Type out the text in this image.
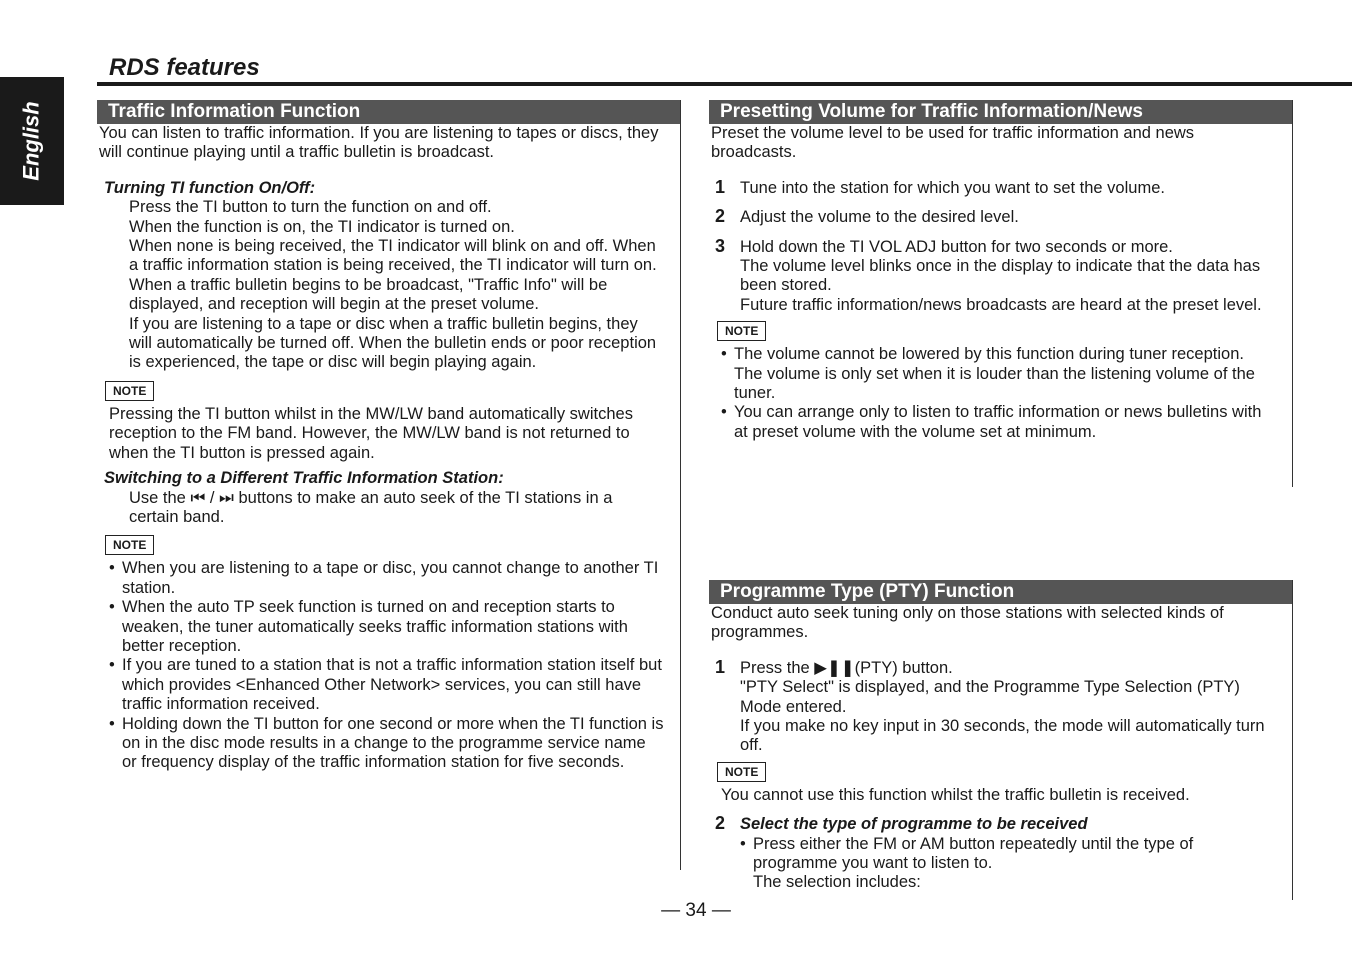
English
RDS features
Traffic Information Function

You can listen to traffic information. If you are listening to tapes or discs, they will continue playing until a traffic bulletin is broadcast.

Turning TI function On/Off:

Press the TI button to turn the function on and off.

When the function is on, the TI indicator is turned on.

When none is being received, the TI indicator will blink on and off. When a traffic information station is being received, the TI indicator will turn on.

When a traffic bulletin begins to be broadcast, "Traffic Info" will be displayed, and reception will begin at the preset volume.

If you are listening to a tape or disc when a traffic bulletin begins, they will automatically be turned off. When the bulletin ends or poor reception is experienced, the tape or disc will begin playing again.

NOTE

Pressing the TI button whilst in the MW/LW band automatically switches reception to the FM band. However, the MW/LW band is not returned to when the TI button is pressed again.

Switching to a Different Traffic Information Station:

Use the ⏮ / ⏭ buttons to make an auto seek of the TI stations in a certain band.

NOTE
• When you are listening to a tape or disc, you cannot change to another TI station.
• When the auto TP seek function is turned on and reception starts to weaken, the tuner automatically seeks traffic information stations with better reception.
• If you are tuned to a station that is not a traffic information station itself but which provides <Enhanced Other Network> services, you can still have traffic information received.
• Holding down the TI button for one second or more when the TI function is on in the disc mode results in a change to the programme service name or frequency display of the traffic information station for five seconds.
Presetting Volume for Traffic Information/News

Preset the volume level to be used for traffic information and news broadcasts.

1 Tune into the station for which you want to set the volume.

2 Adjust the volume to the desired level.

3 Hold down the TI VOL ADJ button for two seconds or more.

The volume level blinks once in the display to indicate that the data has been stored.

Future traffic information/news broadcasts are heard at the preset level.

NOTE
• The volume cannot be lowered by this function during tuner reception. The volume is only set when it is louder than the listening volume of the tuner.
• You can arrange only to listen to traffic information or news bulletins with at preset volume with the volume set at minimum.
Programme Type (PTY) Function

Conduct auto seek tuning only on those stations with selected kinds of programmes.

1 Press the ▶❚❚(PTY) button.

"PTY Select" is displayed, and the Programme Type Selection (PTY) Mode entered.

If you make no key input in 30 seconds, the mode will automatically turn off.

NOTE

You cannot use this function whilst the traffic bulletin is received.

2 Select the type of programme to be received

• Press either the FM or AM button repeatedly until the type of programme you want to listen to.

The selection includes:

— 34 —
